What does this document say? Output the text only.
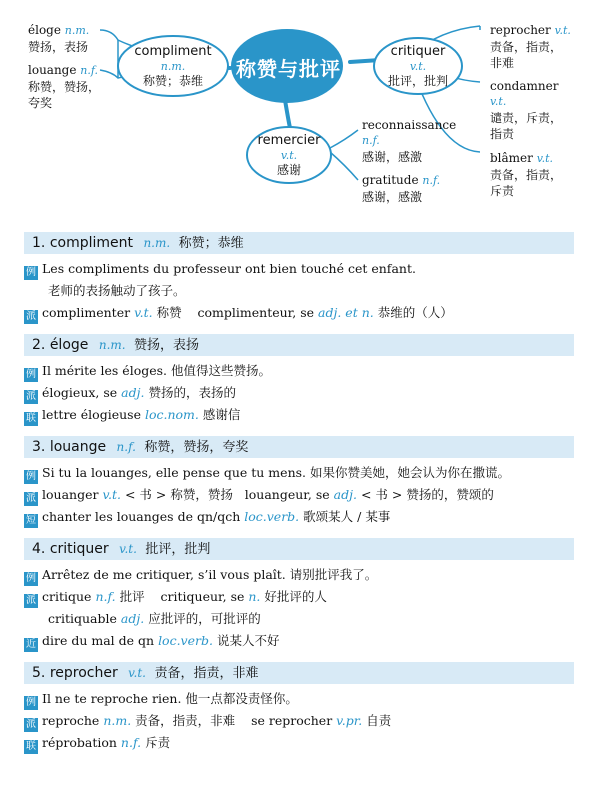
称赞与批评
compliment
n.m.
称赞；恭维
critiquer
v.t.
批评，批判
remercier
v.t.
感谢
éloge n.m.
赞扬，表扬
louange n.f.
称赞，赞扬，
夸奖
reprocher v.t.
责备，指责，
非难
condamner
v.t.
谴责，斥责，
指责
blâmer v.t.
责备，指责，
斥责
reconnaissance
n.f.
感谢，感激
gratitude n.f.
感谢，感激
1. compliment n.m. 称赞；恭维
例 Les compliments du professeur ont bien touché cet enfant.
老师的表扬触动了孩子。
派 complimenter v.t. 称赞 complimenteur, se adj. et n. 恭维的（人）
2. éloge n.m. 赞扬，表扬
例 Il mérite les éloges. 他值得这些赞扬。
派 élogieux, se adj. 赞扬的，表扬的
联 lettre élogieuse loc.nom. 感谢信
3. louange n.f. 称赞，赞扬，夸奖
例 Si tu la louanges, elle pense que tu mens. 如果你赞美她，她会认为你在撒谎。
派 louanger v.t. < 书 > 称赞，赞扬 louangeur, se adj. < 书 > 赞扬的，赞颂的
短 chanter les louanges de qn/qch loc.verb. 歌颂某人 / 某事
4. critiquer v.t. 批评，批判
例 Arrêtez de me critiquer, s’il vous plaît. 请别批评我了。
派 critique n.f. 批评 critiqueur, se n. 好批评的人
critiquable adj. 应批评的，可批评的
近 dire du mal de qn loc.verb. 说某人不好
5. reprocher v.t. 责备，指责，非难
例 Il ne te reproche rien. 他一点都没责怪你。
派 reproche n.m. 责备，指责，非难 se reprocher v.pr. 自责
联 réprobation n.f. 斥责
